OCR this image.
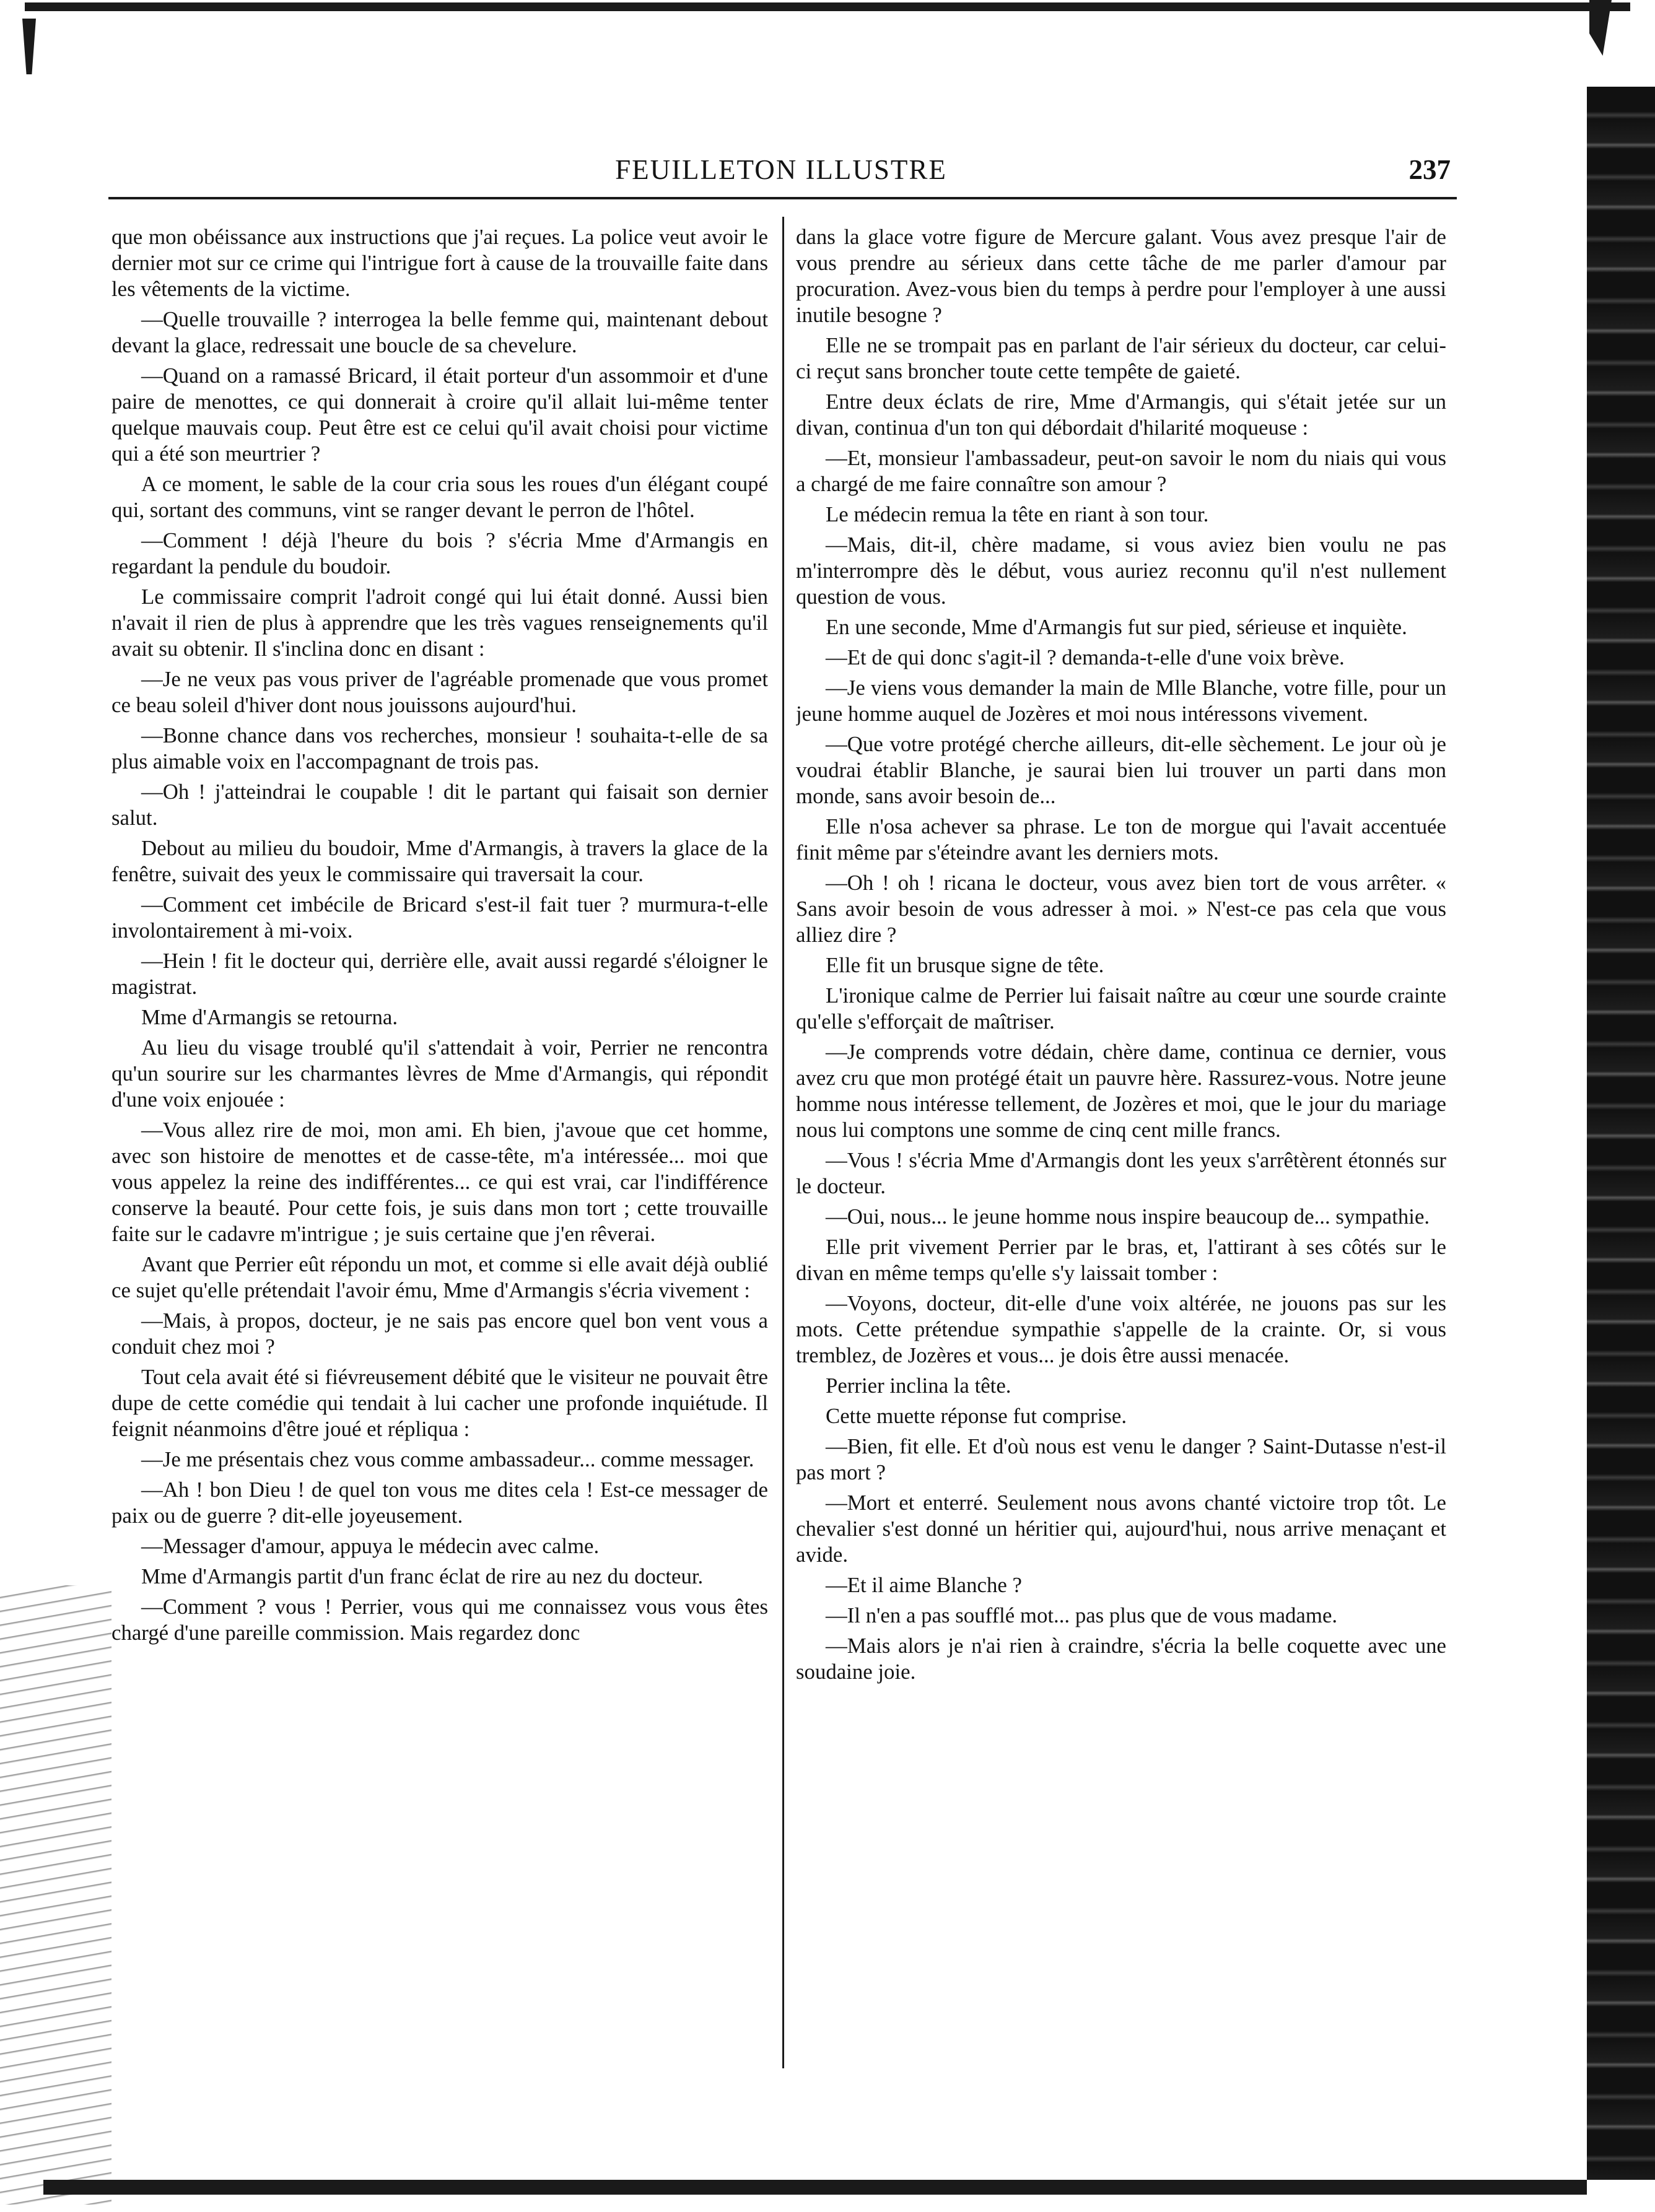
FEUILLETON ILLUSTRE	237

que mon obéissance aux instructions que j'ai reçues. La police veut avoir le dernier mot sur ce crime qui l'intrigue fort à cause de la trouvaille faite dans les vêtements de la victime.

—Quelle trouvaille ? interrogea la belle femme qui, maintenant debout devant la glace, redressait une boucle de sa chevelure.

—Quand on a ramassé Bricard, il était porteur d'un assommoir et d'une paire de menottes, ce qui donnerait à croire qu'il allait lui-même tenter quelque mauvais coup. Peut être est ce celui qu'il avait choisi pour victime qui a été son meurtrier ?

A ce moment, le sable de la cour cria sous les roues d'un élégant coupé qui, sortant des communs, vint se ranger devant le perron de l'hôtel.

—Comment ! déjà l'heure du bois ? s'écria Mme d'Armangis en regardant la pendule du boudoir.

Le commissaire comprit l'adroit congé qui lui était donné. Aussi bien n'avait il rien de plus à apprendre que les très vagues renseignements qu'il avait su obtenir. Il s'inclina donc en disant :

—Je ne veux pas vous priver de l'agréable promenade que vous promet ce beau soleil d'hiver dont nous jouissons aujourd'hui.

—Bonne chance dans vos recherches, monsieur ! souhaita-t-elle de sa plus aimable voix en l'accompagnant de trois pas.

—Oh ! j'atteindrai le coupable ! dit le partant qui faisait son dernier salut.

Debout au milieu du boudoir, Mme d'Armangis, à travers la glace de la fenêtre, suivait des yeux le commissaire qui traversait la cour.

—Comment cet imbécile de Bricard s'est-il fait tuer ? murmura-t-elle involontairement à mi-voix.

—Hein ! fit le docteur qui, derrière elle, avait aussi regardé s'éloigner le magistrat.

Mme d'Armangis se retourna.

Au lieu du visage troublé qu'il s'attendait à voir, Perrier ne rencontra qu'un sourire sur les charmantes lèvres de Mme d'Armangis, qui répondit d'une voix enjouée :

—Vous allez rire de moi, mon ami. Eh bien, j'avoue que cet homme, avec son histoire de menottes et de casse-tête, m'a intéressée... moi que vous appelez la reine des indifférentes... ce qui est vrai, car l'indifférence conserve la beauté. Pour cette fois, je suis dans mon tort ; cette trouvaille faite sur le cadavre m'intrigue ; je suis certaine que j'en rêverai.

Avant que Perrier eût répondu un mot, et comme si elle avait déjà oublié ce sujet qu'elle prétendait l'avoir ému, Mme d'Armangis s'écria vivement :

—Mais, à propos, docteur, je ne sais pas encore quel bon vent vous a conduit chez moi ?

Tout cela avait été si fiévreusement débité que le visiteur ne pouvait être dupe de cette comédie qui tendait à lui cacher une profonde inquiétude. Il feignit néanmoins d'être joué et répliqua :

—Je me présentais chez vous comme ambassadeur... comme messager.

—Ah ! bon Dieu ! de quel ton vous me dites cela ! Est-ce messager de paix ou de guerre ? dit-elle joyeusement.

—Messager d'amour, appuya le médecin avec calme.

Mme d'Armangis partit d'un franc éclat de rire au nez du docteur.

—Comment ? vous ! Perrier, vous qui me connaissez vous vous êtes chargé d'une pareille commission. Mais regardez donc

dans la glace votre figure de Mercure galant. Vous avez presque l'air de vous prendre au sérieux dans cette tâche de me parler d'amour par procuration. Avez-vous bien du temps à perdre pour l'employer à une aussi inutile besogne ?

Elle ne se trompait pas en parlant de l'air sérieux du docteur, car celui-ci reçut sans broncher toute cette tempête de gaieté.

Entre deux éclats de rire, Mme d'Armangis, qui s'était jetée sur un divan, continua d'un ton qui débordait d'hilarité moqueuse :

—Et, monsieur l'ambassadeur, peut-on savoir le nom du niais qui vous a chargé de me faire connaître son amour ?

Le médecin remua la tête en riant à son tour.

—Mais, dit-il, chère madame, si vous aviez bien voulu ne pas m'interrompre dès le début, vous auriez reconnu qu'il n'est nullement question de vous.

En une seconde, Mme d'Armangis fut sur pied, sérieuse et inquiète.

—Et de qui donc s'agit-il ? demanda-t-elle d'une voix brève.

—Je viens vous demander la main de Mlle Blanche, votre fille, pour un jeune homme auquel de Jozères et moi nous intéressons vivement.

—Que votre protégé cherche ailleurs, dit-elle sèchement. Le jour où je voudrai établir Blanche, je saurai bien lui trouver un parti dans mon monde, sans avoir besoin de...

Elle n'osa achever sa phrase. Le ton de morgue qui l'avait accentuée finit même par s'éteindre avant les derniers mots.

—Oh ! oh ! ricana le docteur, vous avez bien tort de vous arrêter. « Sans avoir besoin de vous adresser à moi. » N'est-ce pas cela que vous alliez dire ?

Elle fit un brusque signe de tête.

L'ironique calme de Perrier lui faisait naître au cœur une sourde crainte qu'elle s'efforçait de maîtriser.

—Je comprends votre dédain, chère dame, continua ce dernier, vous avez cru que mon protégé était un pauvre hère. Rassurez-vous. Notre jeune homme nous intéresse tellement, de Jozères et moi, que le jour du mariage nous lui comptons une somme de cinq cent mille francs.

—Vous ! s'écria Mme d'Armangis dont les yeux s'arrêtèrent étonnés sur le docteur.

—Oui, nous... le jeune homme nous inspire beaucoup de... sympathie.

Elle prit vivement Perrier par le bras, et, l'attirant à ses côtés sur le divan en même temps qu'elle s'y laissait tomber :

—Voyons, docteur, dit-elle d'une voix altérée, ne jouons pas sur les mots. Cette prétendue sympathie s'appelle de la crainte. Or, si vous tremblez, de Jozères et vous... je dois être aussi menacée.

Perrier inclina la tête.

Cette muette réponse fut comprise.

—Bien, fit elle. Et d'où nous est venu le danger ? Saint-Dutasse n'est-il pas mort ?

—Mort et enterré. Seulement nous avons chanté victoire trop tôt. Le chevalier s'est donné un héritier qui, aujourd'hui, nous arrive menaçant et avide.

—Et il aime Blanche ?

—Il n'en a pas soufflé mot... pas plus que de vous madame.

—Mais alors je n'ai rien à craindre, s'écria la belle coquette avec une soudaine joie.
